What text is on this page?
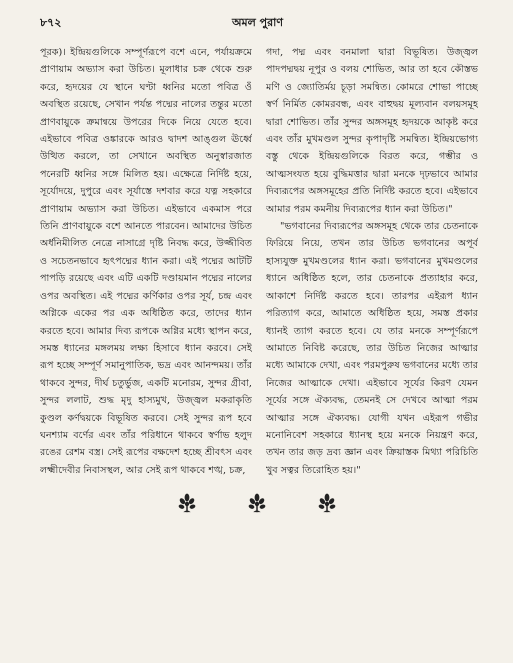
৮৭২	অমল পুরাণ

পূরক)। ইন্দ্রিয়গুলিকে সম্পূর্ণরূপে বশে এনে, পর্যায়ক্রমে প্রাণায়াম অভ্যাস করা উচিত। মূলাধার চক্র থেকে শুরু করে, হৃদয়ের যে স্থানে ঘণ্টা ধ্বনির মতো পবিত্র ওঁ অবস্থিত রয়েছে, সেখান পর্যন্ত পদ্মের নালের তন্তুর মতো প্রাণবায়ুকে ক্রমান্বয়ে উপরের দিকে নিয়ে যেতে হবে। এইভাবে পবিত্র ওঙ্কারকে আরও দ্বাদশ আঙ্গুল ঊর্ধ্বে উত্থিত করলে, তা সেখানে অবস্থিত অনুস্বারজাত পনেরটি ধ্বনির সঙ্গে মিলিত হয়। এক্ষেত্রে নির্দিষ্ট হয়ে, সূর্যোদয়ে, দুপুরে এবং সূর্যাস্তে দশবার করে যত্ন সহকারে প্রাণায়াম অভ্যাস করা উচিত। এইভাবে একমাস পরে তিনি প্রাণবায়ুকে বশে আনতে পারবেন। আমাদের উচিত অর্ধনিমীলিত নেত্রে নাসাগ্রে দৃষ্টি নিবদ্ধ করে, উজ্জীবিত ও সচেতনভাবে হৃৎপদ্মের ধ্যান করা। এই পদ্মের আটটি পাপড়ি রয়েছে এবং এটি একটি দণ্ডায়মান পদ্মের নালের ওপর অবস্থিত। এই পদ্মের কর্ণিকার ওপর সূর্য, চন্দ্র এবং অগ্নিকে একের পর এক অধিষ্ঠিত করে, তাদের ধ্যান করতে হবে। আমার দিব্য রূপকে অগ্নির মধ্যে স্থাপন করে, সমস্ত ধ্যানের মঙ্গলময় লক্ষ্য হিসাবে ধ্যান করবে। সেই রূপ হচ্ছে সম্পূর্ণ সমানুপাতিক, ভদ্র এবং আনন্দময়। তাঁর থাকবে সুন্দর, দীর্ঘ চতুর্ভুজ, একটি মনোরম, সুন্দর গ্রীবা, সুন্দর ললাট, শুদ্ধ মৃদু হাস্যমুখ, উজ্জ্বল মকরাকৃতি কুণ্ডল কর্ণদ্বয়কে বিভূষিত করবে। সেই সুন্দর রূপ হবে ঘনশ্যাম বর্ণের এবং তাঁর পরিধানে থাকবে স্বর্ণাভ হলুদ রঙের রেশম বস্ত্র। সেই রূপের বক্ষদেশ হচ্ছে শ্রীবৎস এবং লক্ষ্মীদেবীর নিবাসস্থল, আর সেই রূপ থাকবে শঙ্খ, চক্র,

গদা, পদ্ম এবং বনমালা দ্বারা বিভূষিত। উজ্জ্বল পাদপদ্মদ্বয় নূপুর ও বলয় শোভিত, আর তা হবে কৌস্তভ মণি ও জ্যোতির্ময় চূড়া সমন্বিত। কোমরে শোভা পাচ্ছে স্বর্ণ নির্মিত কোমরবন্ধ, এবং বাহুদ্বয় মূল্যবান বলয়সমূহ দ্বারা শোভিত। তাঁর সুন্দর অঙ্গসমূহ হৃদয়কে আকৃষ্ট করে এবং তাঁর মুখমণ্ডল সুন্দর কৃপাদৃষ্টি সমন্বিত। ইন্দ্রিয়ভোগ্য বস্তু থেকে ইন্দ্রিয়গুলিকে বিরত করে, গম্ভীর ও আত্মসংযত হয়ে বুদ্ধিমত্তার দ্বারা মনকে দৃঢ়ভাবে আমার দিব্যরূপের অঙ্গসমূহের প্রতি নির্দিষ্ট করতে হবে। এইভাবে আমার পরম কমনীয় দিব্যরূপের ধ্যান করা উচিত।"

"ভগবানের দিব্যরূপের অঙ্গসমূহ থেকে তার চেতনাকে ফিরিয়ে নিয়ে, তখন তার উচিত ভগবানের অপূর্ব হাস্যযুক্ত মুখমণ্ডলের ধ্যান করা। ভগবানের মুখমণ্ডলের ধ্যানে অধিষ্ঠিত হলে, তার চেতনাকে প্রত্যাহার করে, আকাশে নির্দিষ্ট করতে হবে। তারপর এইরূপ ধ্যান পরিত্যাগ করে, আমাতে অধিষ্ঠিত হয়ে, সমস্ত প্রকার ধ্যানই ত্যাগ করতে হবে। যে তার মনকে সম্পূর্ণরূপে আমাতে নিবিষ্ট করেছে, তার উচিত নিজের আত্মার মধ্যে আমাকে দেখা, এবং পরমপুরুষ ভগবানের মধ্যে তার নিজের আত্মাকে দেখা। এইভাবে সূর্যের কিরণ যেমন সূর্যের সঙ্গে ঐক্যবদ্ধ, তেমনই সে দেখবে আত্মা পরম আত্মার সঙ্গে ঐক্যবদ্ধ। যোগী যখন এইরূপ গভীর মনোনিবেশ সহকারে ধ্যানস্থ হয়ে মনকে নিয়ন্ত্রণ করে, তখন তার জড় দ্রব্য জ্ঞান এবং ক্রিয়াস্তক মিথ্যা পরিচিতি খুব সত্বর তিরোহিত হয়।"
